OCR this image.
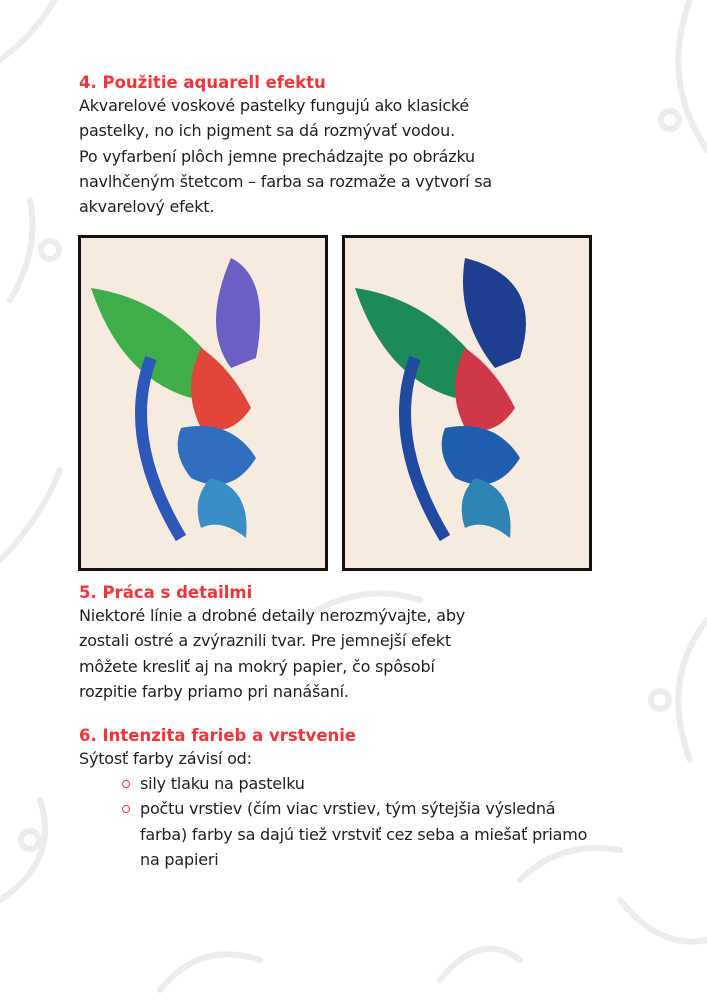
4. Použitie aquarell efektu

Akvarelové voskové pastelky fungujú ako klasické
pastelky, no ich pigment sa dá rozmývať vodou.
Po vyfarbení plôch jemne prechádzajte po obrázku
navlhčeným štetcom – farba sa rozmaže a vytvorí sa
akvarelový efekt.

5. Práca s detailmi

Niektoré línie a drobné detaily nerozmývajte, aby
zostali ostré a zvýraznili tvar. Pre jemnejší efekt
môžete kresliť aj na mokrý papier, čo spôsobí
rozpitie farby priamo pri nanášaní.

6. Intenzita farieb a vrstvenie

Sýtosť farby závisí od:

sily tlaku na pastelku
počtu vrstiev (čím viac vrstiev, tým sýtejšia výsledná farba) farby sa dajú tiež vrstviť cez seba a miešať priamo na papieri
